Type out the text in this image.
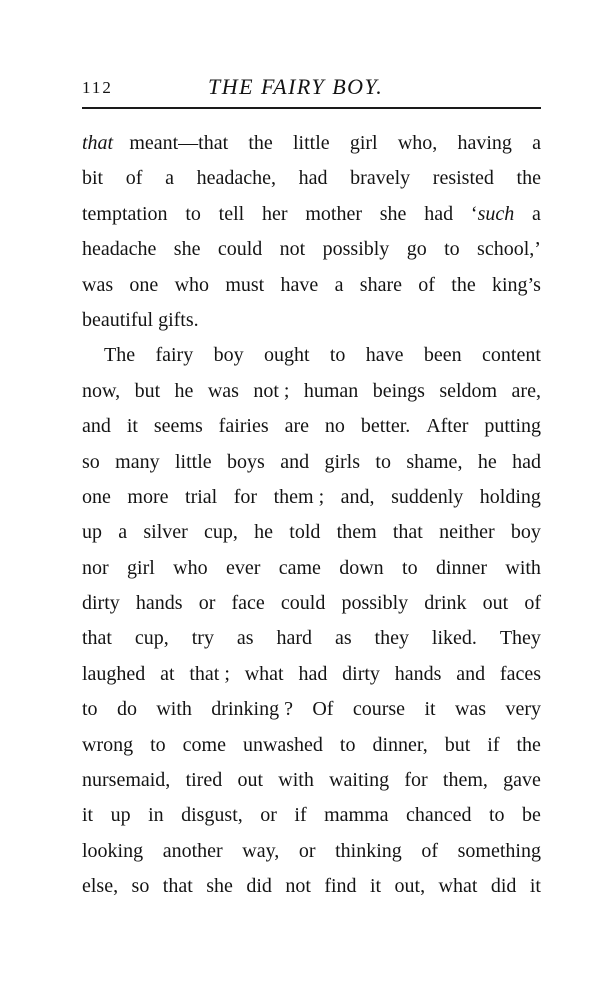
112	THE FAIRY BOY.
that meant—that the little girl who, having a
bit of a headache, had bravely resisted the
temptation to tell her mother she had ‘such a
headache she could not possibly go to school,’
was one who must have a share of the king’s
beautiful gifts.
The fairy boy ought to have been content
now, but he was not ; human beings seldom are,
and it seems fairies are no better. After putting
so many little boys and girls to shame, he had
one more trial for them ; and, suddenly holding
up a silver cup, he told them that neither boy
nor girl who ever came down to dinner with
dirty hands or face could possibly drink out of
that cup, try as hard as they liked. They
laughed at that ; what had dirty hands and faces
to do with drinking ? Of course it was very
wrong to come unwashed to dinner, but if the
nursemaid, tired out with waiting for them, gave
it up in disgust, or if mamma chanced to be
looking another way, or thinking of something
else, so that she did not find it out, what did it
